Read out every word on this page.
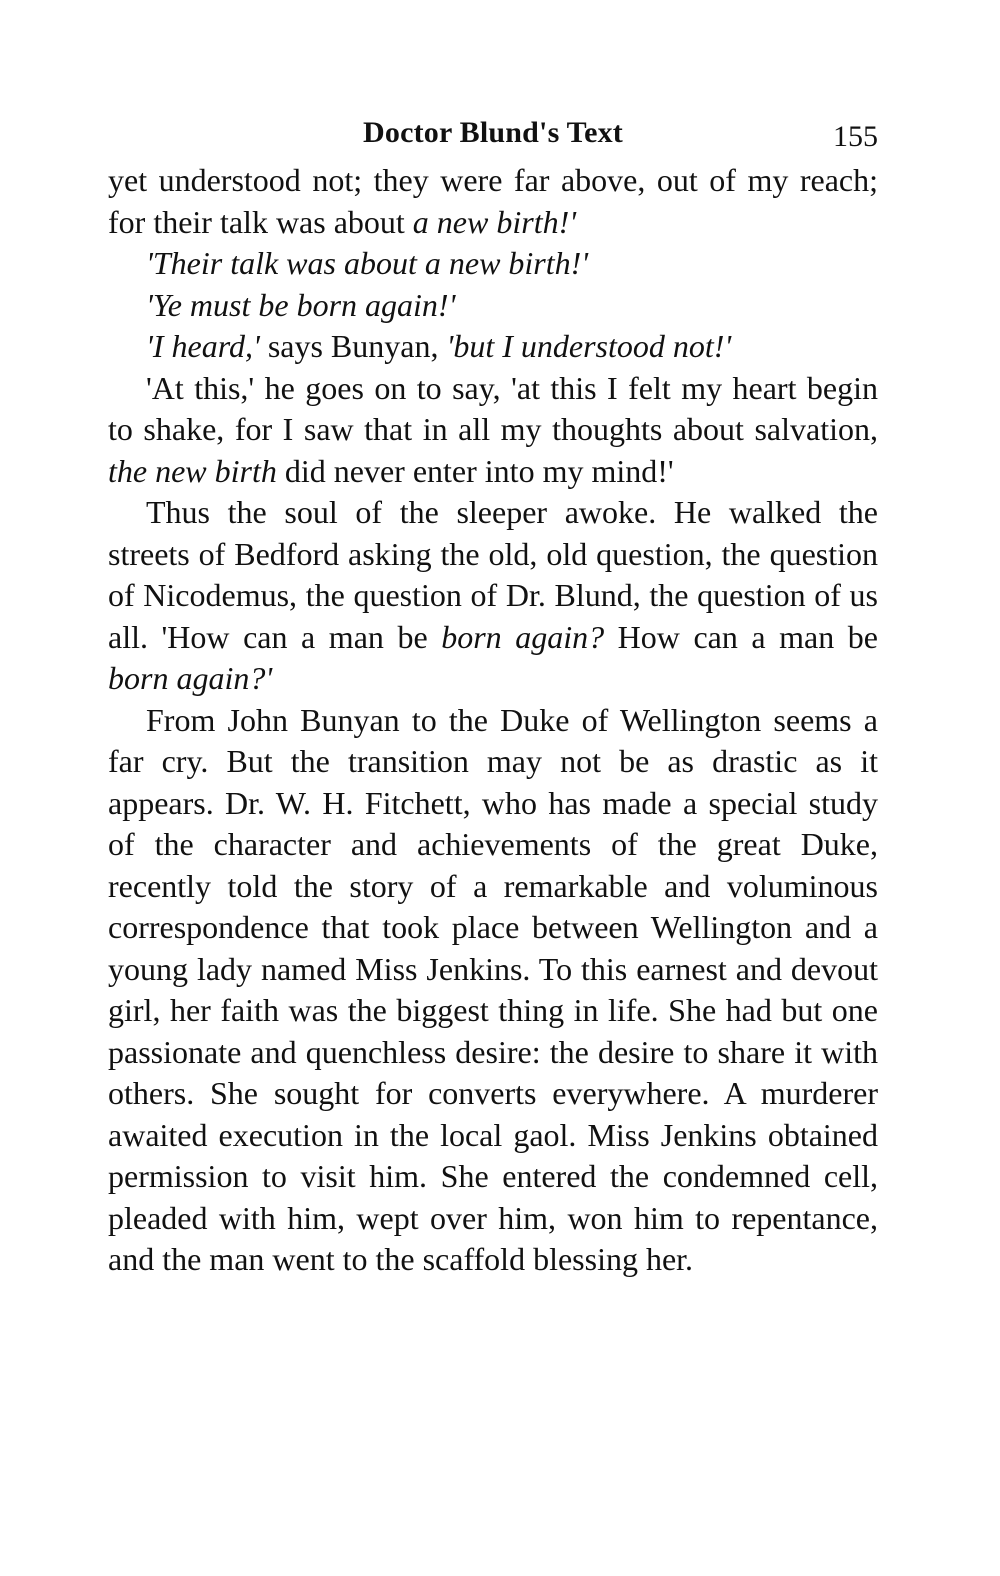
Doctor Blund's Text	155

yet understood not; they were far above, out of my reach; for their talk was about a new birth!'

'Their talk was about a new birth!'

'Ye must be born again!'

'I heard,' says Bunyan, 'but I understood not!'

'At this,' he goes on to say, 'at this I felt my heart begin to shake, for I saw that in all my thoughts about salvation, the new birth did never enter into my mind!'

Thus the soul of the sleeper awoke. He walked the streets of Bedford asking the old, old question, the question of Nicodemus, the question of Dr. Blund, the question of us all. 'How can a man be born again? How can a man be born again?'

From John Bunyan to the Duke of Wellington seems a far cry. But the transition may not be as drastic as it appears. Dr. W. H. Fitchett, who has made a special study of the character and achievements of the great Duke, recently told the story of a remarkable and voluminous correspondence that took place between Wellington and a young lady named Miss Jenkins. To this earnest and devout girl, her faith was the biggest thing in life. She had but one passionate and quenchless desire: the desire to share it with others. She sought for converts everywhere. A murderer awaited execution in the local gaol. Miss Jenkins obtained permission to visit him. She entered the condemned cell, pleaded with him, wept over him, won him to repentance, and the man went to the scaffold blessing her.
